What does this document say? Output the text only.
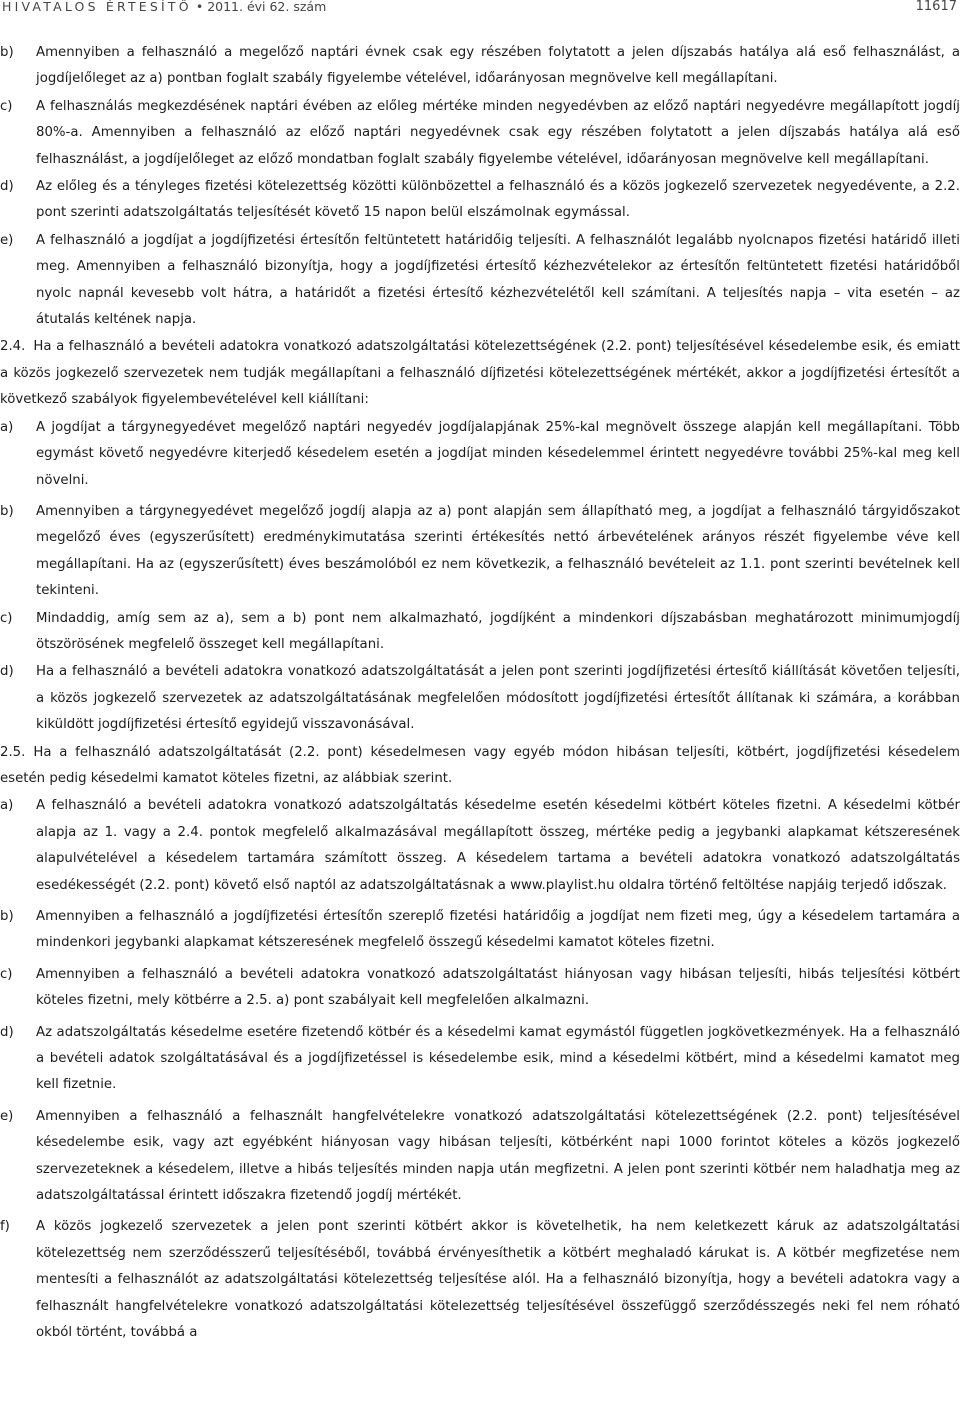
HIVATALOS ÉRTESÍTŐ • 2011. évi 62. szám	11617
b)	Amennyiben a felhasználó a megelőző naptári évnek csak egy részében folytatott a jelen díjszabás hatálya alá eső felhasználást, a jogdíjelőleget az a) pontban foglalt szabály figyelembe vételével, időarányosan megnövelve kell megállapítani.
c)	A felhasználás megkezdésének naptári évében az előleg mértéke minden negyedévben az előző naptári negyedévre megállapított jogdíj 80%-a. Amennyiben a felhasználó az előző naptári negyedévnek csak egy részében folytatott a jelen díjszabás hatálya alá eső felhasználást, a jogdíjelőleget az előző mondatban foglalt szabály figyelembe vételével, időarányosan megnövelve kell megállapítani.
d)	Az előleg és a tényleges fizetési kötelezettség közötti különbözettel a felhasználó és a közös jogkezelő szervezetek negyedévente, a 2.2. pont szerinti adatszolgáltatás teljesítését követő 15 napon belül elszámolnak egymással.
e)	A felhasználó a jogdíjat a jogdíjfizetési értesítőn feltüntetett határidőig teljesíti. A felhasználót legalább nyolcnapos fizetési határidő illeti meg. Amennyiben a felhasználó bizonyítja, hogy a jogdíjfizetési értesítő kézhezvételekor az értesítőn feltüntetett fizetési határidőből nyolc napnál kevesebb volt hátra, a határidőt a fizetési értesítő kézhezvételétől kell számítani. A teljesítés napja – vita esetén – az átutalás keltének napja.
2.4. Ha a felhasználó a bevételi adatokra vonatkozó adatszolgáltatási kötelezettségének (2.2. pont) teljesítésével késedelembe esik, és emiatt a közös jogkezelő szervezetek nem tudják megállapítani a felhasználó díjfizetési kötelezettségének mértékét, akkor a jogdíjfizetési értesítőt a következő szabályok figyelembevételével kell kiállítani:
a)	A jogdíjat a tárgynegyedévet megelőző naptári negyedév jogdíjalapjának 25%-kal megnövelt összege alapján kell megállapítani. Több egymást követő negyedévre kiterjedő késedelem esetén a jogdíjat minden késedelemmel érintett negyedévre további 25%-kal meg kell növelni.
b)	Amennyiben a tárgynegyedévet megelőző jogdíj alapja az a) pont alapján sem állapítható meg, a jogdíjat a felhasználó tárgyidőszakot megelőző éves (egyszerűsített) eredménykimutatása szerinti értékesítés nettó árbevételének arányos részét figyelembe véve kell megállapítani. Ha az (egyszerűsített) éves beszámolóból ez nem következik, a felhasználó bevételeit az 1.1. pont szerinti bevételnek kell tekinteni.
c)	Mindaddig, amíg sem az a), sem a b) pont nem alkalmazható, jogdíjként a mindenkori díjszabásban meghatározott minimumjogdíj ötszörösének megfelelő összeget kell megállapítani.
d)	Ha a felhasználó a bevételi adatokra vonatkozó adatszolgáltatását a jelen pont szerinti jogdíjfizetési értesítő kiállítását követően teljesíti, a közös jogkezelő szervezetek az adatszolgáltatásának megfelelően módosított jogdíjfizetési értesítőt állítanak ki számára, a korábban kiküldött jogdíjfizetési értesítő egyidejű visszavonásával.
2.5. Ha a felhasználó adatszolgáltatását (2.2. pont) késedelmesen vagy egyéb módon hibásan teljesíti, kötbért, jogdíjfizetési késedelem esetén pedig késedelmi kamatot köteles fizetni, az alábbiak szerint.
a)	A felhasználó a bevételi adatokra vonatkozó adatszolgáltatás késedelme esetén késedelmi kötbért köteles fizetni. A késedelmi kötbér alapja az 1. vagy a 2.4. pontok megfelelő alkalmazásával megállapított összeg, mértéke pedig a jegybanki alapkamat kétszeresének alapulvételével a késedelem tartamára számított összeg. A késedelem tartama a bevételi adatokra vonatkozó adatszolgáltatás esedékességét (2.2. pont) követő első naptól az adatszolgáltatásnak a www.playlist.hu oldalra történő feltöltése napjáig terjedő időszak.
b)	Amennyiben a felhasználó a jogdíjfizetési értesítőn szereplő fizetési határidőig a jogdíjat nem fizeti meg, úgy a késedelem tartamára a mindenkori jegybanki alapkamat kétszeresének megfelelő összegű késedelmi kamatot köteles fizetni.
c)	Amennyiben a felhasználó a bevételi adatokra vonatkozó adatszolgáltatást hiányosan vagy hibásan teljesíti, hibás teljesítési kötbért köteles fizetni, mely kötbérre a 2.5. a) pont szabályait kell megfelelően alkalmazni.
d)	Az adatszolgáltatás késedelme esetére fizetendő kötbér és a késedelmi kamat egymástól független jogkövetkezmények. Ha a felhasználó a bevételi adatok szolgáltatásával és a jogdíjfizetéssel is késedelembe esik, mind a késedelmi kötbért, mind a késedelmi kamatot meg kell fizetnie.
e)	Amennyiben a felhasználó a felhasznált hangfelvételekre vonatkozó adatszolgáltatási kötelezettségének (2.2. pont) teljesítésével késedelembe esik, vagy azt egyébként hiányosan vagy hibásan teljesíti, kötbérként napi 1000 forintot köteles a közös jogkezelő szervezeteknek a késedelem, illetve a hibás teljesítés minden napja után megfizetni. A jelen pont szerinti kötbér nem haladhatja meg az adatszolgáltatással érintett időszakra fizetendő jogdíj mértékét.
f)	A közös jogkezelő szervezetek a jelen pont szerinti kötbért akkor is követelhetik, ha nem keletkezett káruk az adatszolgáltatási kötelezettség nem szerződésszerű teljesítéséből, továbbá érvényesíthetik a kötbért meghaladó kárukat is. A kötbér megfizetése nem mentesíti a felhasználót az adatszolgáltatási kötelezettség teljesítése alól. Ha a felhasználó bizonyítja, hogy a bevételi adatokra vagy a felhasznált hangfelvételekre vonatkozó adatszolgáltatási kötelezettség teljesítésével összefüggő szerződésszegés neki fel nem róható okból történt, továbbá a
